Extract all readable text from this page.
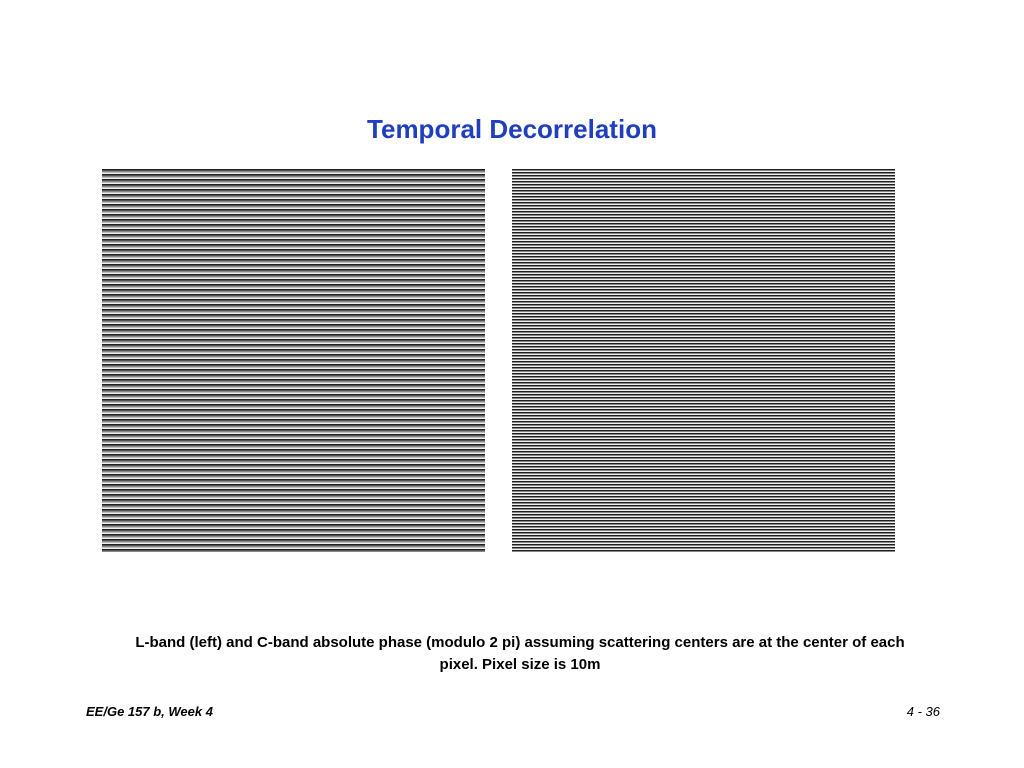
Temporal Decorrelation

L-band (left) and C-band absolute phase (modulo 2 pi) assuming scattering centers are at the center of each pixel. Pixel size is 10m

EE/Ge 157 b, Week 4	4 - 36
